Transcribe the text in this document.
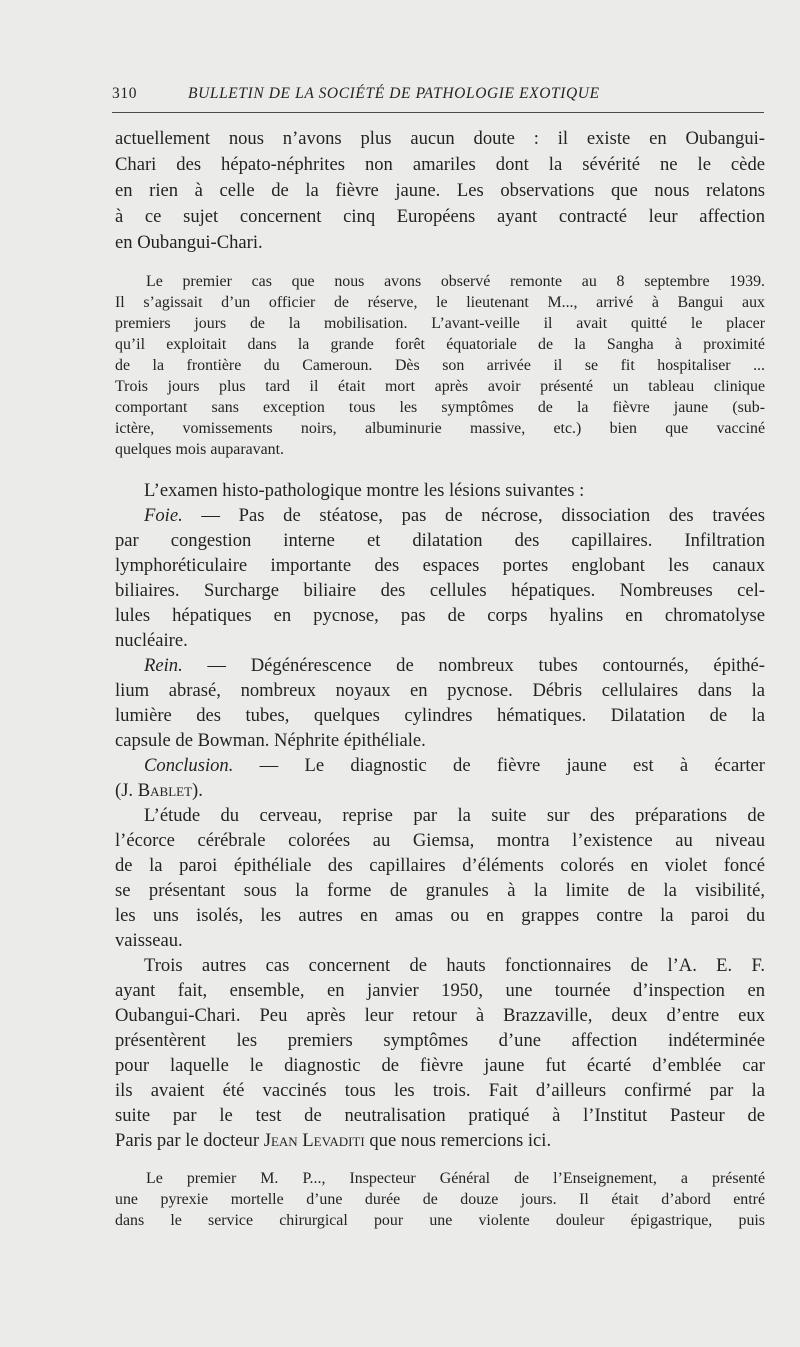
310	BULLETIN DE LA SOCIÉTÉ DE PATHOLOGIE EXOTIQUE
actuellement nous n’avons plus aucun doute : il existe en Oubangui-
Chari des hépato-néphrites non amariles dont la sévérité ne le cède
en rien à celle de la fièvre jaune. Les observations que nous relatons
à ce sujet concernent cinq Européens ayant contracté leur affection
en Oubangui-Chari.
Le premier cas que nous avons observé remonte au 8 septembre 1939.
Il s’agissait d’un officier de réserve, le lieutenant M..., arrivé à Bangui aux
premiers jours de la mobilisation. L’avant-veille il avait quitté le placer
qu’il exploitait dans la grande forêt équatoriale de la Sangha à proximité
de la frontière du Cameroun. Dès son arrivée il se fit hospitaliser ...
Trois jours plus tard il était mort après avoir présenté un tableau clinique
comportant sans exception tous les symptômes de la fièvre jaune (sub-
ictère, vomissements noirs, albuminurie massive, etc.) bien que vacciné
quelques mois auparavant.
L’examen histo-pathologique montre les lésions suivantes :
Foie. — Pas de stéatose, pas de nécrose, dissociation des travées
par congestion interne et dilatation des capillaires. Infiltration
lymphoréticulaire importante des espaces portes englobant les canaux
biliaires. Surcharge biliaire des cellules hépatiques. Nombreuses cel-
lules hépatiques en pycnose, pas de corps hyalins en chromatolyse
nucléaire.
Rein. — Dégénérescence de nombreux tubes contournés, épithé-
lium abrasé, nombreux noyaux en pycnose. Débris cellulaires dans la
lumière des tubes, quelques cylindres hématiques. Dilatation de la
capsule de Bowman. Néphrite épithéliale.
Conclusion. — Le diagnostic de fièvre jaune est à écarter
(J. Bablet).
L’étude du cerveau, reprise par la suite sur des préparations de
l’écorce cérébrale colorées au Giemsa, montra l’existence au niveau
de la paroi épithéliale des capillaires d’éléments colorés en violet foncé
se présentant sous la forme de granules à la limite de la visibilité,
les uns isolés, les autres en amas ou en grappes contre la paroi du
vaisseau.
Trois autres cas concernent de hauts fonctionnaires de l’A. E. F.
ayant fait, ensemble, en janvier 1950, une tournée d’inspection en
Oubangui-Chari. Peu après leur retour à Brazzaville, deux d’entre eux
présentèrent les premiers symptômes d’une affection indéterminée
pour laquelle le diagnostic de fièvre jaune fut écarté d’emblée car
ils avaient été vaccinés tous les trois. Fait d’ailleurs confirmé par la
suite par le test de neutralisation pratiqué à l’Institut Pasteur de
Paris par le docteur Jean Levaditi que nous remercions ici.
Le premier M. P..., Inspecteur Général de l’Enseignement, a présenté
une pyrexie mortelle d’une durée de douze jours. Il était d’abord entré
dans le service chirurgical pour une violente douleur épigastrique, puis
